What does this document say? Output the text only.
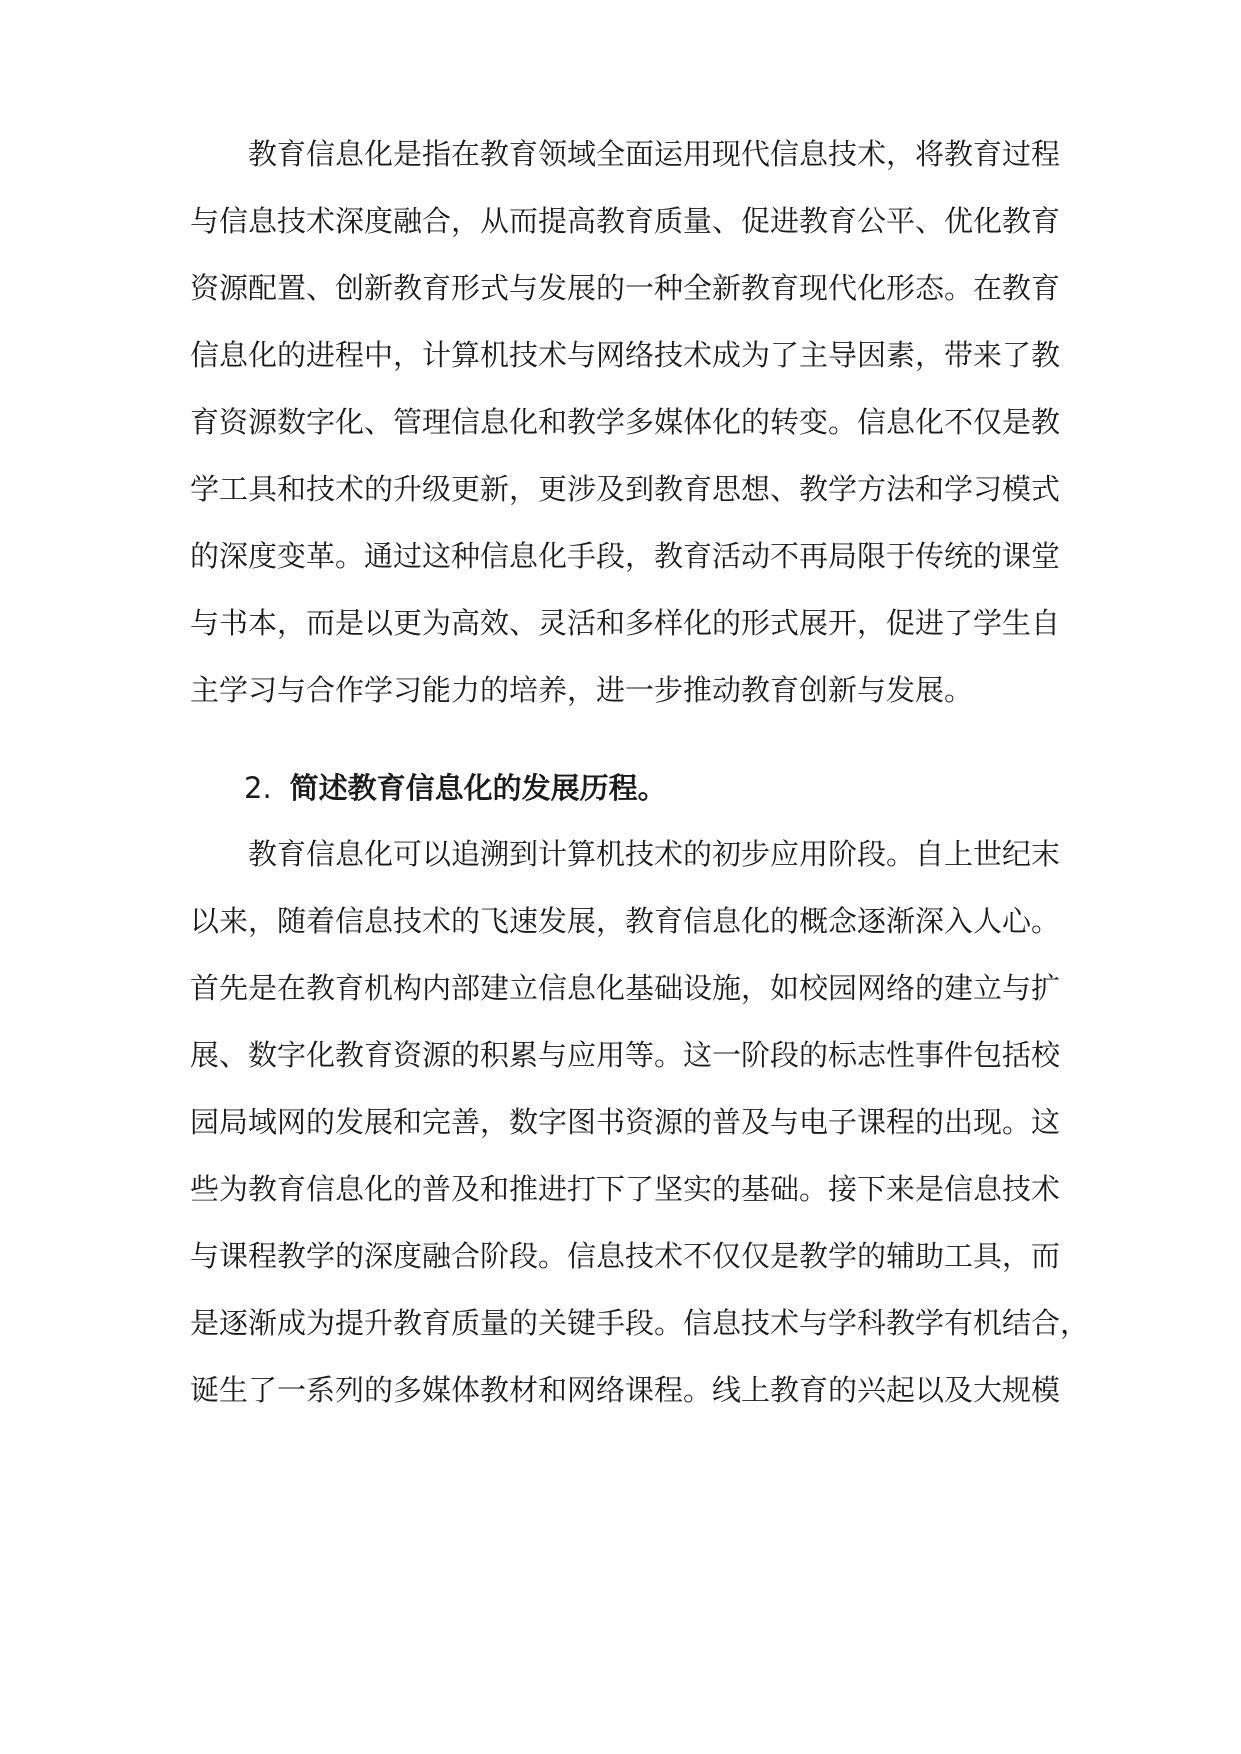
教育信息化是指在教育领域全面运用现代信息技术，将教育过程
与信息技术深度融合，从而提高教育质量、促进教育公平、优化教育
资源配置、创新教育形式与发展的一种全新教育现代化形态。在教育
信息化的进程中，计算机技术与网络技术成为了主导因素，带来了教
育资源数字化、管理信息化和教学多媒体化的转变。信息化不仅是教
学工具和技术的升级更新，更涉及到教育思想、教学方法和学习模式
的深度变革。通过这种信息化手段，教育活动不再局限于传统的课堂
与书本，而是以更为高效、灵活和多样化的形式展开，促进了学生自
主学习与合作学习能力的培养，进一步推动教育创新与发展。
2. 简述教育信息化的发展历程。
教育信息化可以追溯到计算机技术的初步应用阶段。自上世纪末
以来，随着信息技术的飞速发展，教育信息化的概念逐渐深入人心。
首先是在教育机构内部建立信息化基础设施，如校园网络的建立与扩
展、数字化教育资源的积累与应用等。这一阶段的标志性事件包括校
园局域网的发展和完善，数字图书资源的普及与电子课程的出现。这
些为教育信息化的普及和推进打下了坚实的基础。接下来是信息技术
与课程教学的深度融合阶段。信息技术不仅仅是教学的辅助工具，而
是逐渐成为提升教育质量的关键手段。信息技术与学科教学有机结合，
诞生了一系列的多媒体教材和网络课程。线上教育的兴起以及大规模
